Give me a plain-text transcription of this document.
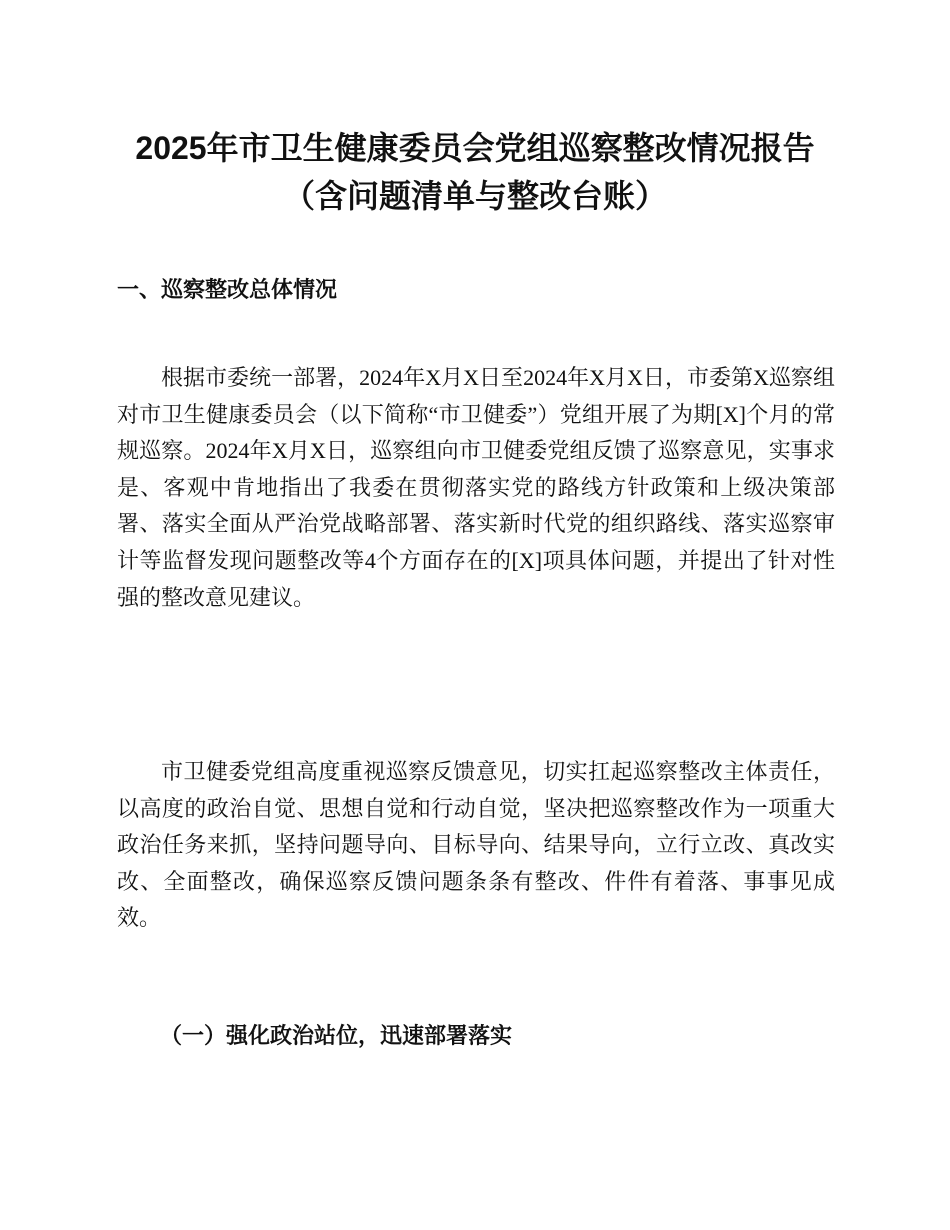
2025年市卫生健康委员会党组巡察整改情况报告（含问题清单与整改台账）
一、巡察整改总体情况

根据市委统一部署，2024年X月X日至2024年X月X日，市委第X巡察组对市卫生健康委员会（以下简称“市卫健委”）党组开展了为期[X]个月的常规巡察。2024年X月X日，巡察组向市卫健委党组反馈了巡察意见，实事求是、客观中肯地指出了我委在贯彻落实党的路线方针政策和上级决策部署、落实全面从严治党战略部署、落实新时代党的组织路线、落实巡察审计等监督发现问题整改等4个方面存在的[X]项具体问题，并提出了针对性强的整改意见建议。

市卫健委党组高度重视巡察反馈意见，切实扛起巡察整改主体责任，以高度的政治自觉、思想自觉和行动自觉，坚决把巡察整改作为一项重大政治任务来抓，坚持问题导向、目标导向、结果导向，立行立改、真改实改、全面整改，确保巡察反馈问题条条有整改、件件有着落、事事见成效。

（一）强化政治站位，迅速部署落实
